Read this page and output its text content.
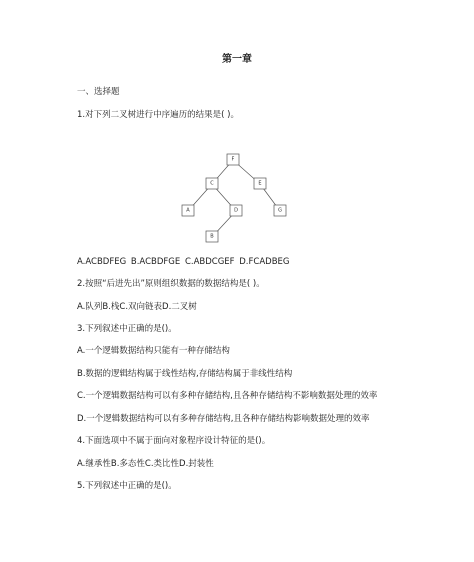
第一章
一、选择题
1.对下列二叉树进行中序遍历的结果是( )。
F
C	E
A	D	G
B
A.ACBDFEG B.ACBDFGE C.ABDCGEF D.FCADBEG
2.按照“后进先出”原则组织数据的数据结构是( )。
A.队列B.栈C.双向链表D.二叉树
3.下列叙述中正确的是()。
A.一个逻辑数据结构只能有一种存储结构
B.数据的逻辑结构属于线性结构,存储结构属于非线性结构
C.一个逻辑数据结构可以有多种存储结构,且各种存储结构不影响数据处理的效率
D.一个逻辑数据结构可以有多种存储结构,且各种存储结构影响数据处理的效率
4.下面选项中不属于面向对象程序设计特征的是()。
A.继承性B.多态性C.类比性D.封装性
5.下列叙述中正确的是()。
